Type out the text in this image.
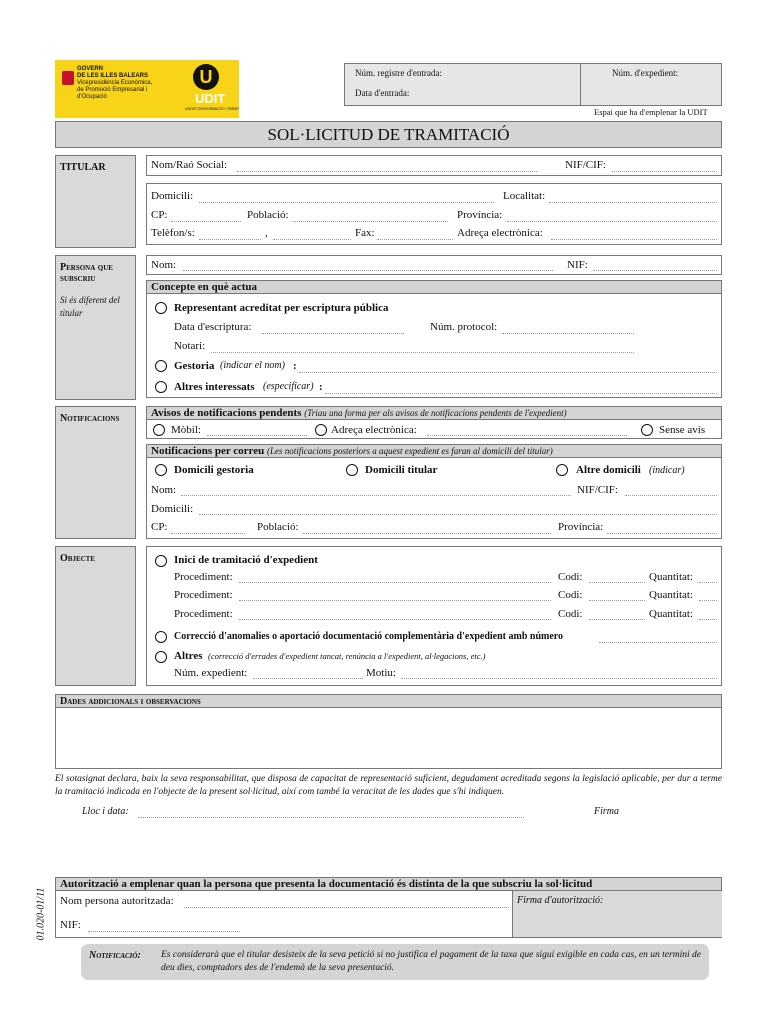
GOVERN
DE LES ILLES BALEARS
Vicepresidència Econòmica,
de Promoció Empresarial i d'Ocupació
U
UDIT
UNITAT D'INFORMACIÓ I TRÀMIT
Núm. registre d'entrada:
Data d'entrada:
Núm. d'expedient:
Espai que ha d'emplenar la UDIT
SOL·LICITUD DE TRAMITACIÓ
TITULAR	Nom/Raó Social:	NIF/CIF:
Domicili:	Localitat:
CP:	Població:	Província:
Telèfon/s:	,	Fax:	Adreça electrònica:
Persona que subscriu
Si és diferent del titular
Nom:	NIF:
Concepte en què actua
Representant acreditat per escriptura pública
Data d'escriptura:	Núm. protocol:
Notari:
Gestoria (indicar el nom) :
Altres interessats (especificar) :
Notificacions	Avisos de notificacions pendents (Triau una forma per als avisos de notificacions pendents de l'expedient)
Mòbil:	Adreça electrònica:	Sense avís
Notificacions per correu (Les notificacions posteriors a aquest expedient es faran al domicili del titular)
Domicili gestoria	Domicili titular	Altre domicili (indicar)
Nom:	NIF/CIF:
Domicili:
CP:	Població:	Província:
Objecte	Inici de tramitació d'expedient
Procediment:	Codi:	Quantitat:
Procediment:	Codi:	Quantitat:
Procediment:	Codi:	Quantitat:
Correcció d'anomalies o aportació documentació complementària d'expedient amb número
Altres (correcció d'errades d'expedient tancat, renúncia a l'expedient, al·legacions, etc.)
Núm. expedient:	Motiu:
Dades addicionals i observacions
El sotasignat declara, baix la seva responsabilitat, que disposa de capacitat de representació suficient, degudament acreditada segons la legislació aplicable, per dur a terme la tramitació indicada en l'objecte de la present sol·licitud, així com també la veracitat de les dades que s'hi indiquen.
Lloc i data:	Firma
01.020-01/11
Autorització a emplenar quan la persona que presenta la documentació és distinta de la que subscriu la sol·licitud
Nom persona autoritzada:
NIF:
Firma d'autorització:
Notificació: Es considerarà que el titular desisteix de la seva petició si no justifica el pagament de la taxa que sigui exigible en cada cas, en un termini de deu dies, comptadors des de l'endemà de la seva presentació.
